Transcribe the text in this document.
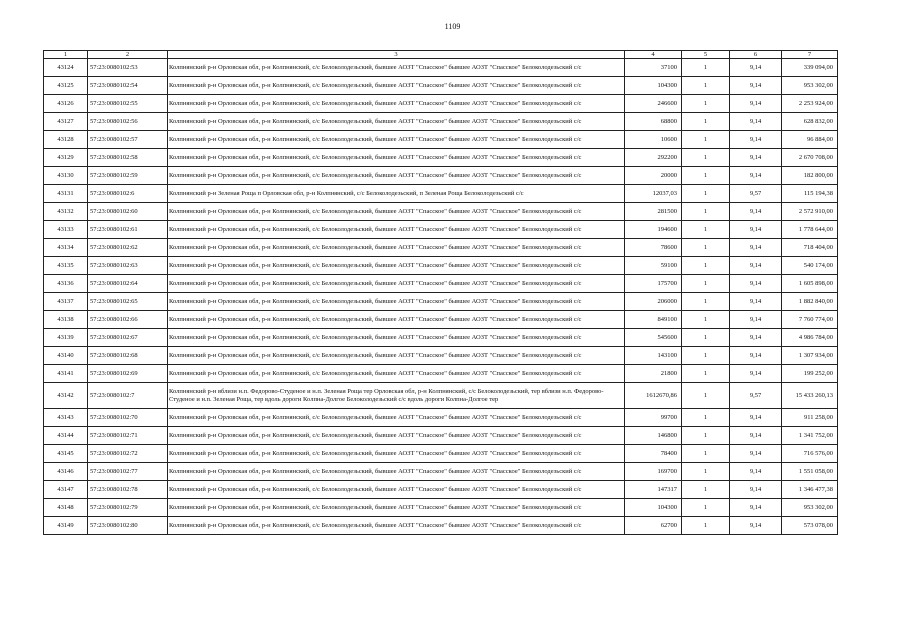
1109
1	2	3	4	5	6	7
43124	57:23:0080102:53	Колпнянский р-н Орловская обл, р-н Колпнянский, с/с Белоколодезьский, бывшее АОЗТ "Спасское" бывшее АОЗТ "Спасское" Белоколодезьский с/с	37100	1	9,14	339 094,00
43125	57:23:0080102:54	Колпнянский р-н Орловская обл, р-н Колпнянский, с/с Белоколодезьский, бывшее АОЗТ "Спасское" бывшее АОЗТ "Спасское" Белоколодезьский с/с	104300	1	9,14	953 302,00
43126	57:23:0080102:55	Колпнянский р-н Орловская обл, р-н Колпнянский, с/с Белоколодезьский, бывшее АОЗТ "Спасское" бывшее АОЗТ "Спасское" Белоколодезьский с/с	246600	1	9,14	2 253 924,00
43127	57:23:0080102:56	Колпнянский р-н Орловская обл, р-н Колпнянский, с/с Белоколодезьский, бывшее АОЗТ "Спасское" бывшее АОЗТ "Спасское" Белоколодезьский с/с	68800	1	9,14	628 832,00
43128	57:23:0080102:57	Колпнянский р-н Орловская обл, р-н Колпнянский, с/с Белоколодезьский, бывшее АОЗТ "Спасское" бывшее АОЗТ "Спасское" Белоколодезьский с/с	10600	1	9,14	96 884,00
43129	57:23:0080102:58	Колпнянский р-н Орловская обл, р-н Колпнянский, с/с Белоколодезьский, бывшее АОЗТ "Спасское" бывшее АОЗТ "Спасское" Белоколодезьский с/с	292200	1	9,14	2 670 708,00
43130	57:23:0080102:59	Колпнянский р-н Орловская обл, р-н Колпнянский, с/с Белоколодезьский, бывшее АОЗТ "Спасское" бывшее АОЗТ "Спасское" Белоколодезьский с/с	20000	1	9,14	182 800,00
43131	57:23:0080102:6	Колпнянский р-н Зеленая Роща п Орловская обл, р-н Колпнянский, с/с Белоколодезьский, п Зеленая Роща Белоколодезьский с/с	12037,03	1	9,57	115 194,38
43132	57:23:0080102:60	Колпнянский р-н Орловская обл, р-н Колпнянский, с/с Белоколодезьский, бывшее АОЗТ "Спасское" бывшее АОЗТ "Спасское" Белоколодезьский с/с	281500	1	9,14	2 572 910,00
43133	57:23:0080102:61	Колпнянский р-н Орловская обл, р-н Колпнянский, с/с Белоколодезьский, бывшее АОЗТ "Спасское" бывшее АОЗТ "Спасское" Белоколодезьский с/с	194600	1	9,14	1 778 644,00
43134	57:23:0080102:62	Колпнянский р-н Орловская обл, р-н Колпнянский, с/с Белоколодезьский, бывшее АОЗТ "Спасское" бывшее АОЗТ "Спасское" Белоколодезьский с/с	78600	1	9,14	718 404,00
43135	57:23:0080102:63	Колпнянский р-н Орловская обл, р-н Колпнянский, с/с Белоколодезьский, бывшее АОЗТ "Спасское" бывшее АОЗТ "Спасское" Белоколодезьский с/с	59100	1	9,14	540 174,00
43136	57:23:0080102:64	Колпнянский р-н Орловская обл, р-н Колпнянский, с/с Белоколодезьский, бывшее АОЗТ "Спасское" бывшее АОЗТ "Спасское" Белоколодезьский с/с	175700	1	9,14	1 605 898,00
43137	57:23:0080102:65	Колпнянский р-н Орловская обл, р-н Колпнянский, с/с Белоколодезьский, бывшее АОЗТ "Спасское" бывшее АОЗТ "Спасское" Белоколодезьский с/с	206000	1	9,14	1 882 840,00
43138	57:23:0080102:66	Колпнянский р-н Орловская обл, р-н Колпнянский, с/с Белоколодезьский, бывшее АОЗТ "Спасское" бывшее АОЗТ "Спасское" Белоколодезьский с/с	849100	1	9,14	7 760 774,00
43139	57:23:0080102:67	Колпнянский р-н Орловская обл, р-н Колпнянский, с/с Белоколодезьский, бывшее АОЗТ "Спасское" бывшее АОЗТ "Спасское" Белоколодезьский с/с	545600	1	9,14	4 986 784,00
43140	57:23:0080102:68	Колпнянский р-н Орловская обл, р-н Колпнянский, с/с Белоколодезьский, бывшее АОЗТ "Спасское" бывшее АОЗТ "Спасское" Белоколодезьский с/с	143100	1	9,14	1 307 934,00
43141	57:23:0080102:69	Колпнянский р-н Орловская обл, р-н Колпнянский, с/с Белоколодезьский, бывшее АОЗТ "Спасское" бывшее АОЗТ "Спасское" Белоколодезьский с/с	21800	1	9,14	199 252,00
43142	57:23:0080102:7	Колпнянский р-н вблизи н.п. Федорово-Студеное и н.п. Зеленая Роща тер Орловская обл, р-н Колпнянский, с/с Белоколодезьский, тер вблизи н.п. Федорово-Студеное и н.п. Зеленая Роща, тер вдоль дороги Колпна-Долгое Белоколодезьский с/с вдоль дороги Колпна-Долгое тер	1612670,86	1	9,57	15 433 260,13
43143	57:23:0080102:70	Колпнянский р-н Орловская обл, р-н Колпнянский, с/с Белоколодезьский, бывшее АОЗТ "Спасское" бывшее АОЗТ "Спасское" Белоколодезьский с/с	99700	1	9,14	911 258,00
43144	57:23:0080102:71	Колпнянский р-н Орловская обл, р-н Колпнянский, с/с Белоколодезьский, бывшее АОЗТ "Спасское" бывшее АОЗТ "Спасское" Белоколодезьский с/с	146800	1	9,14	1 341 752,00
43145	57:23:0080102:72	Колпнянский р-н Орловская обл, р-н Колпнянский, с/с Белоколодезьский, бывшее АОЗТ "Спасское" бывшее АОЗТ "Спасское" Белоколодезьский с/с	78400	1	9,14	716 576,00
43146	57:23:0080102:77	Колпнянский р-н Орловская обл, р-н Колпнянский, с/с Белоколодезьский, бывшее АОЗТ "Спасское" бывшее АОЗТ "Спасское" Белоколодезьский с/с	169700	1	9,14	1 551 058,00
43147	57:23:0080102:78	Колпнянский р-н Орловская обл, р-н Колпнянский, с/с Белоколодезьский, бывшее АОЗТ "Спасское" бывшее АОЗТ "Спасское" Белоколодезьский с/с	147317	1	9,14	1 346 477,38
43148	57:23:0080102:79	Колпнянский р-н Орловская обл, р-н Колпнянский, с/с Белоколодезьский, бывшее АОЗТ "Спасское" бывшее АОЗТ "Спасское" Белоколодезьский с/с	104300	1	9,14	953 302,00
43149	57:23:0080102:80	Колпнянский р-н Орловская обл, р-н Колпнянский, с/с Белоколодезьский, бывшее АОЗТ "Спасское" бывшее АОЗТ "Спасское" Белоколодезьский с/с	62700	1	9,14	573 078,00
